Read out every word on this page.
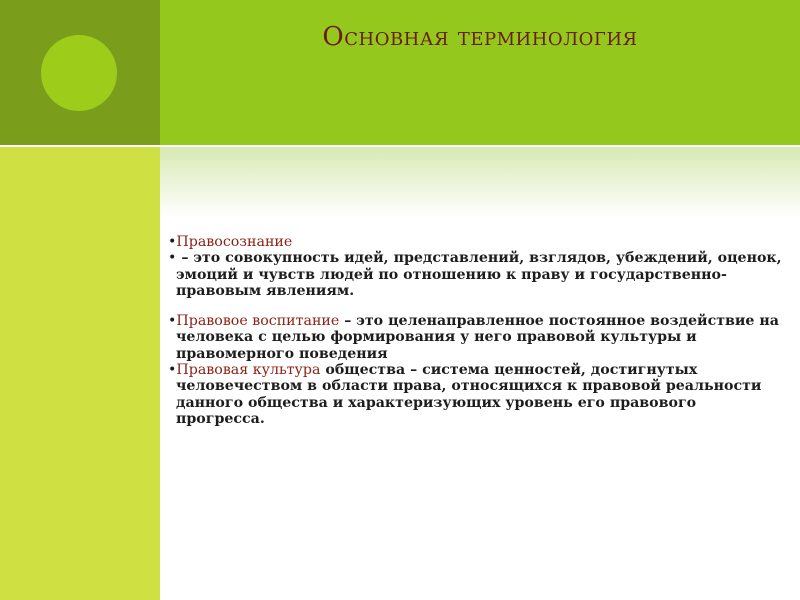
Основная терминология

•Правосознание

• – это совокупность идей, представлений, взглядов, убеждений, оценок, эмоций и чувств людей по отношению к праву и государственно-правовым явлениям.

•Правовое воспитание – это целенаправленное постоянное воздействие на человека с целью формирования у него правовой культуры и правомерного поведения

•Правовая культура общества – система ценностей, достигнутых человечеством в области права, относящихся к правовой реальности данного общества и характеризующих уровень его правового прогресса.
